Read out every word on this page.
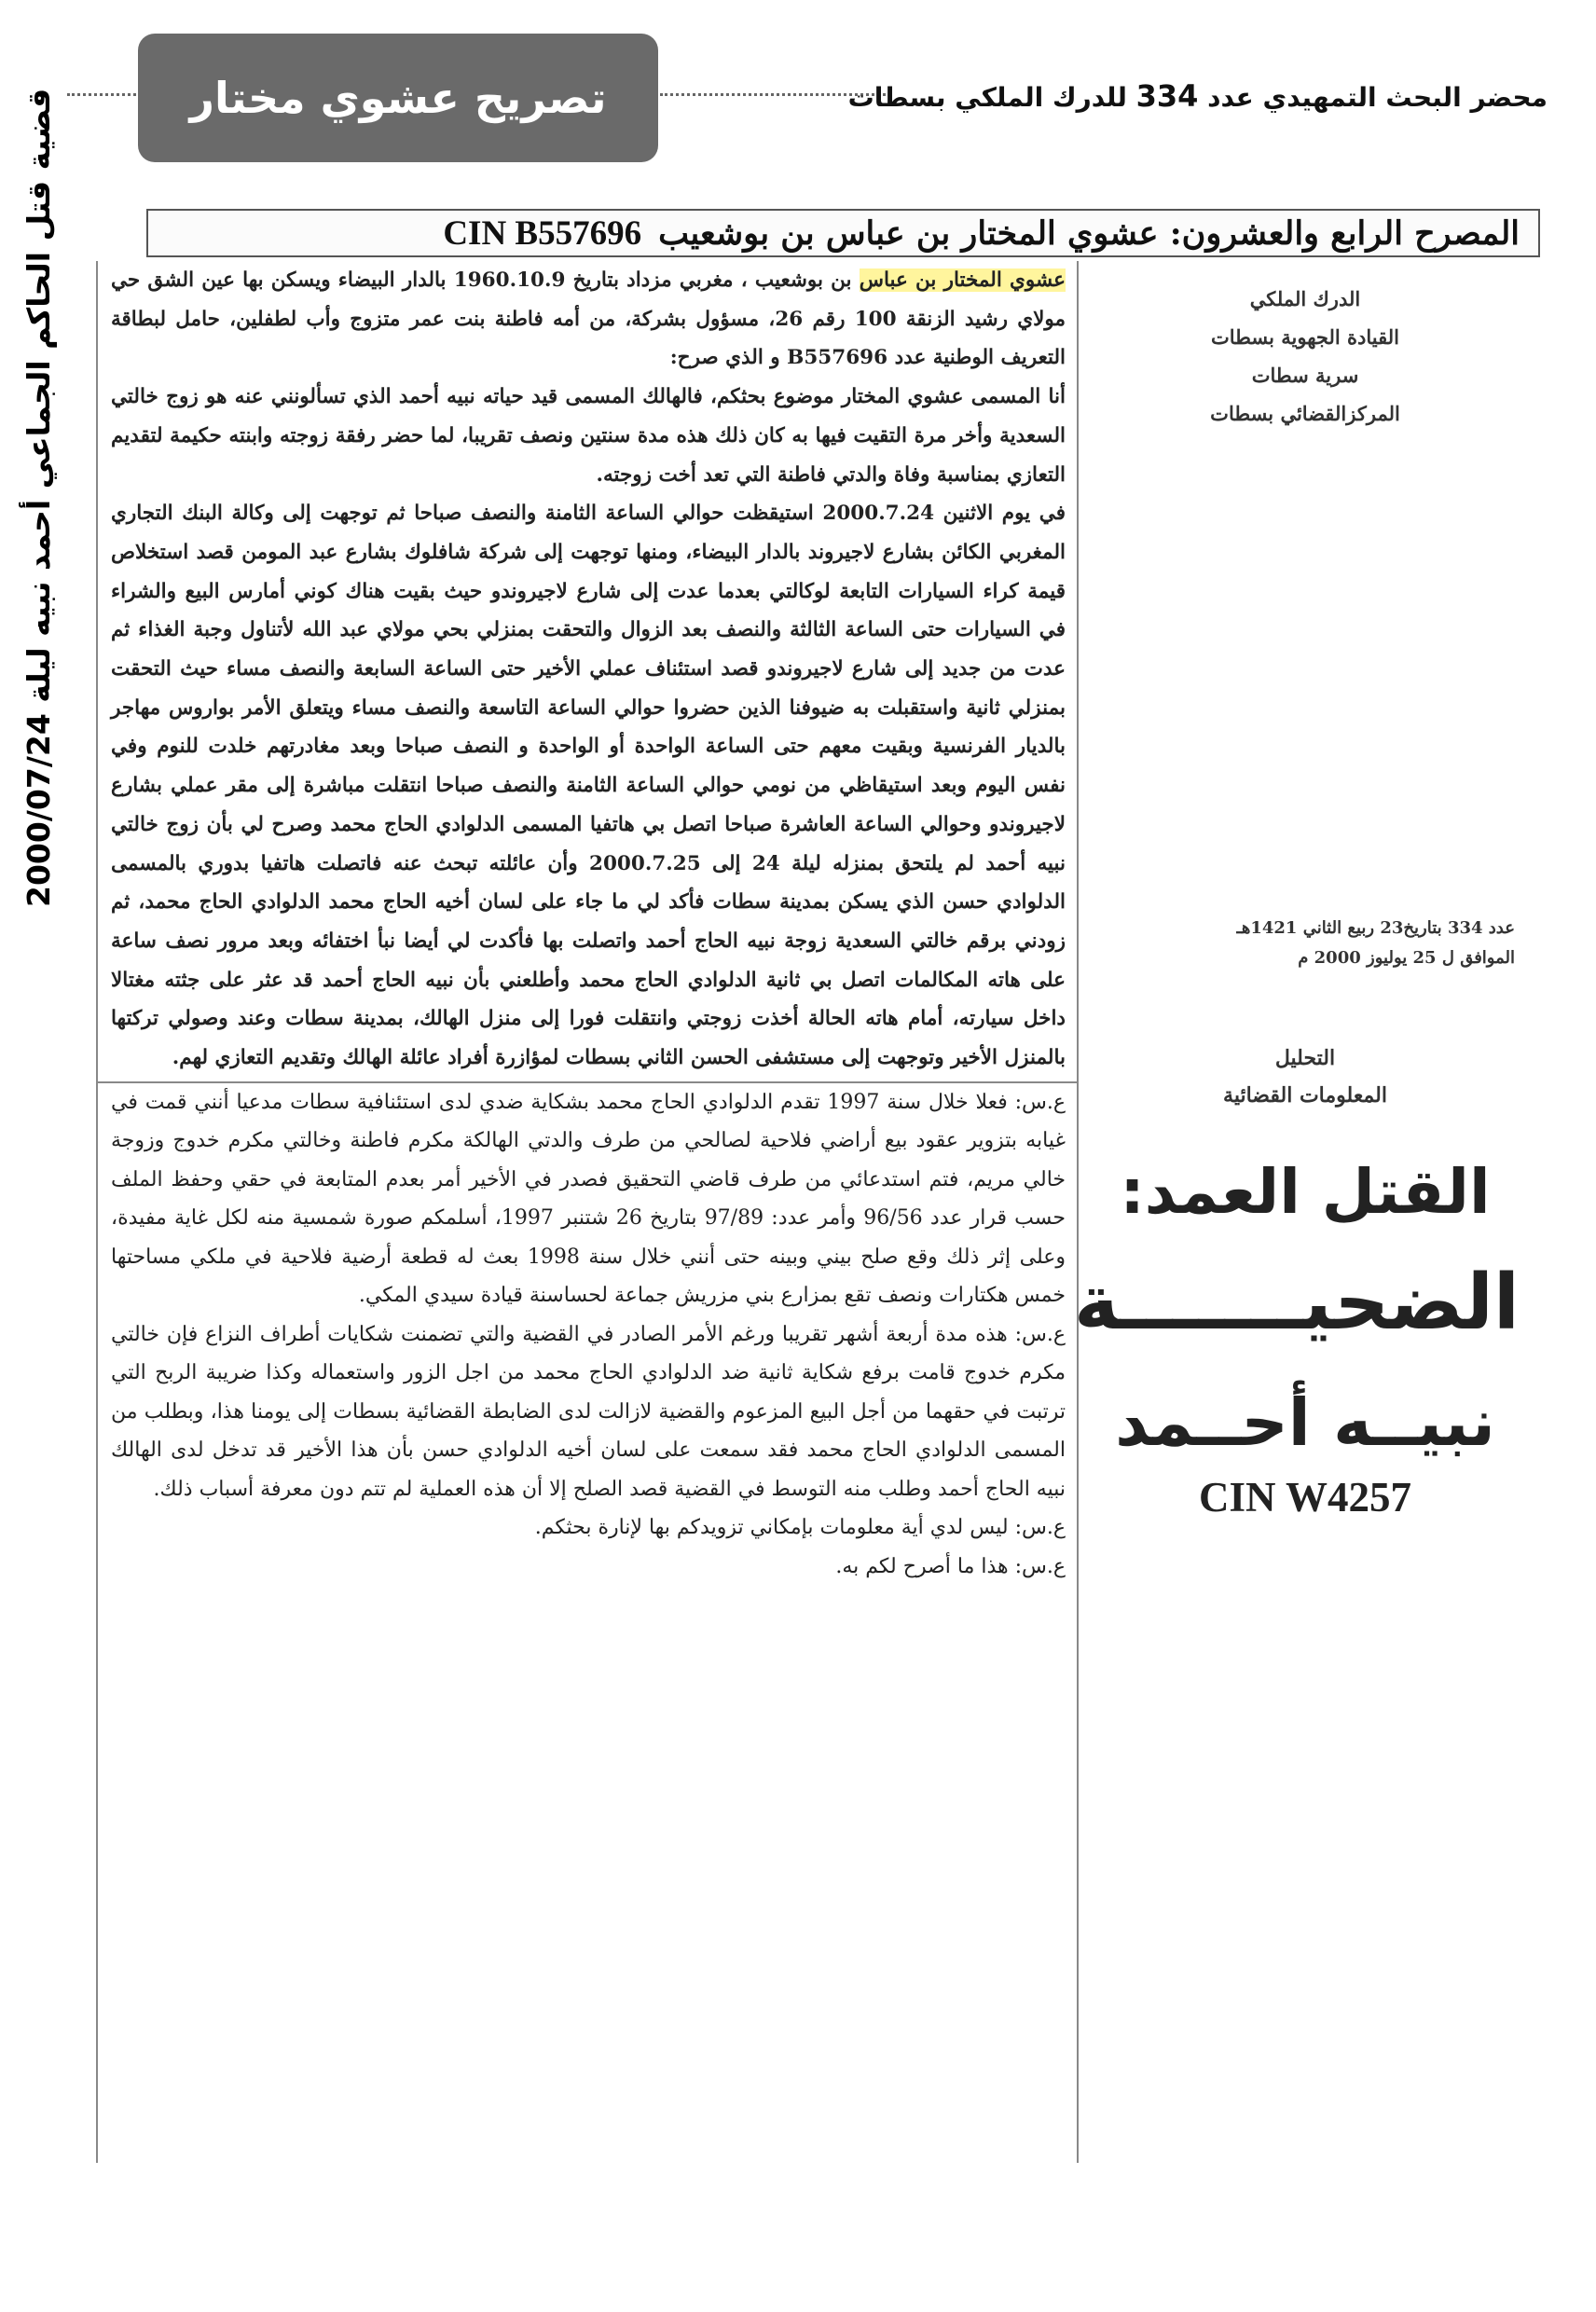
قضية قتل الحاكم الجماعي أحمد نبيه ليلة 2000/07/24	تصريح عشوي مختار	محضر البحث التمهيدي عدد 334 للدرك الملكي بسطات
المصرح الرابع والعشرون: عشوي المختار بن عباس بن بوشعيب
CIN B557696
الدرك الملكي
القيادة الجهوية بسطات
سرية سطات
المركزالقضائي بسطات
عدد 334 بتاريخ23 ربيع الثاني 1421هـ
الموافق ل 25 يوليوز 2000 م
التحليل
المعلومات القضائية
القتل العمد:
الضحيـــــــة
نبيــه أحــمد
CIN W4257

عشوي المختار بن عباس بن بوشعيب ، مغربي مزداد بتاريخ 1960.10.9 بالدار البيضاء ويسكن بها عين الشق حي مولاي رشيد الزنقة 100 رقم 26، مسؤول بشركة، من أمه فاطنة بنت عمر متزوج وأب لطفلين، حامل لبطاقة التعريف الوطنية عدد B557696 و الذي صرح:

أنا المسمى عشوي المختار موضوع بحثكم، فالهالك المسمى قيد حياته نبيه أحمد الذي تسألونني عنه هو زوج خالتي السعدية وأخر مرة التقيت فيها به كان ذلك هذه مدة سنتين ونصف تقريبا، لما حضر رفقة زوجته وابنته حكيمة لتقديم التعازي بمناسبة وفاة والدتي فاطنة التي تعد أخت زوجته.

في يوم الاثنين 2000.7.24 استيقظت حوالي الساعة الثامنة والنصف صباحا ثم توجهت إلى وكالة البنك التجاري المغربي الكائن بشارع لاجيروند بالدار البيضاء، ومنها توجهت إلى شركة شافلوك بشارع عبد المومن قصد استخلاص قيمة كراء السيارات التابعة لوكالتي بعدما عدت إلى شارع لاجيروندو حيث بقيت هناك كوني أمارس البيع والشراء في السيارات حتى الساعة الثالثة والنصف بعد الزوال والتحقت بمنزلي بحي مولاي عبد الله لأتناول وجبة الغذاء ثم عدت من جديد إلى شارع لاجيروندو قصد استئناف عملي الأخير حتى الساعة السابعة والنصف مساء حيث التحقت بمنزلي ثانية واستقبلت به ضيوفنا الذين حضروا حوالي الساعة التاسعة والنصف مساء ويتعلق الأمر بواروس مهاجر بالديار الفرنسية وبقيت معهم حتى الساعة الواحدة أو الواحدة و النصف صباحا وبعد مغادرتهم خلدت للنوم وفي نفس اليوم وبعد استيقاظي من نومي حوالي الساعة الثامنة والنصف صباحا انتقلت مباشرة إلى مقر عملي بشارع لاجيروندو وحوالي الساعة العاشرة صباحا اتصل بي هاتفيا المسمى الدلوادي الحاج محمد وصرح لي بأن زوج خالتي نبيه أحمد لم يلتحق بمنزله ليلة 24 إلى 2000.7.25 وأن عائلته تبحث عنه فاتصلت هاتفيا بدوري بالمسمى الدلوادي حسن الذي يسكن بمدينة سطات فأكد لي ما جاء على لسان أخيه الحاج محمد الدلوادي الحاج محمد، ثم زودني برقم خالتي السعدية زوجة نبيه الحاج أحمد واتصلت بها فأكدت لي أيضا نبأ اختفائه وبعد مرور نصف ساعة على هاته المكالمات اتصل بي ثانية الدلوادي الحاج محمد وأطلعني بأن نبيه الحاج أحمد قد عثر على جثته مغتالا داخل سيارته، أمام هاته الحالة أخذت زوجتي وانتقلت فورا إلى منزل الهالك، بمدينة سطات وعند وصولي تركتها بالمنزل الأخير وتوجهت إلى مستشفى الحسن الثاني بسطات لمؤازرة أفراد عائلة الهالك وتقديم التعازي لهم.

ع.س: فعلا خلال سنة 1997 تقدم الدلوادي الحاج محمد بشكاية ضدي لدى استئنافية سطات مدعيا أنني قمت في غيابه بتزوير عقود بيع أراضي فلاحية لصالحي من طرف والدتي الهالكة مكرم فاطنة وخالتي مكرم خدوج وزوجة خالي مريم، فتم استدعائي من طرف قاضي التحقيق فصدر في الأخير أمر بعدم المتابعة في حقي وحفظ الملف حسب قرار عدد 96/56 وأمر عدد: 97/89 بتاريخ 26 شتنبر 1997، أسلمكم صورة شمسية منه لكل غاية مفيدة، وعلى إثر ذلك وقع صلح بيني وبينه حتى أنني خلال سنة 1998 بعث له قطعة أرضية فلاحية في ملكي مساحتها خمس هكتارات ونصف تقع بمزارع بني مزريش جماعة لحساسنة قيادة سيدي المكي.

ع.س: هذه مدة أربعة أشهر تقريبا ورغم الأمر الصادر في القضية والتي تضمنت شكايات أطراف النزاع فإن خالتي مكرم خدوج قامت برفع شكاية ثانية ضد الدلوادي الحاج محمد من اجل الزور واستعماله وكذا ضريبة الربح التي ترتبت في حقهما من أجل البيع المزعوم والقضية لازالت لدى الضابطة القضائية بسطات إلى يومنا هذا، وبطلب من المسمى الدلوادي الحاج محمد فقد سمعت على لسان أخيه الدلوادي حسن بأن هذا الأخير قد تدخل لدى الهالك نبيه الحاج أحمد وطلب منه التوسط في القضية قصد الصلح إلا أن هذه العملية لم تتم دون معرفة أسباب ذلك.

ع.س: ليس لدي أية معلومات بإمكاني تزويدكم بها لإنارة بحثكم.

ع.س: هذا ما أصرح لكم به.
